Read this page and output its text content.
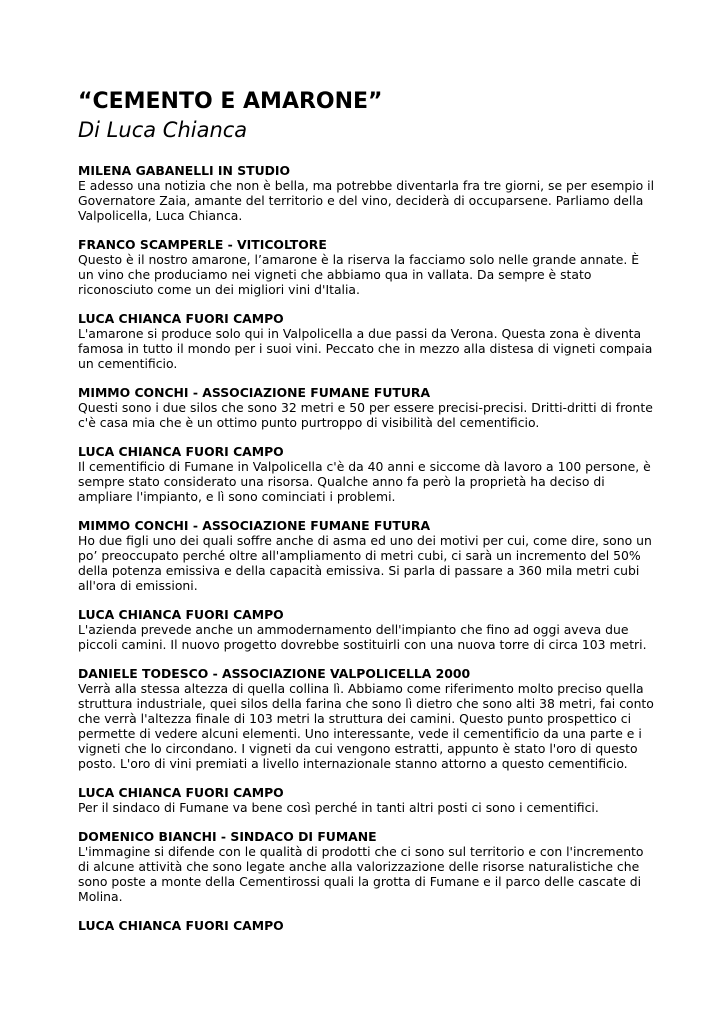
“CEMENTO E AMARONE”
Di Luca Chianca
MILENA GABANELLI IN STUDIO
E adesso una notizia che non è bella, ma potrebbe diventarla fra tre giorni, se per esempio il Governatore Zaia, amante del territorio e del vino, deciderà di occuparsene. Parliamo della Valpolicella, Luca Chianca.
FRANCO SCAMPERLE - VITICOLTORE
Questo è il nostro amarone, l’amarone è la riserva la facciamo solo nelle grande annate. È un vino che produciamo nei vigneti che abbiamo qua in vallata. Da sempre è stato riconosciuto come un dei migliori vini d'Italia.
LUCA CHIANCA FUORI CAMPO
L'amarone si produce solo qui in Valpolicella a due passi da Verona. Questa zona è diventa famosa in tutto il mondo per i suoi vini. Peccato che in mezzo alla distesa di vigneti compaia un cementificio.
MIMMO CONCHI - ASSOCIAZIONE FUMANE FUTURA
Questi sono i due silos che sono 32 metri e 50 per essere precisi-precisi. Dritti-dritti di fronte c'è casa mia che è un ottimo punto purtroppo di visibilità del cementificio.
LUCA CHIANCA FUORI CAMPO
Il cementificio di Fumane in Valpolicella c'è da 40 anni e siccome dà lavoro a 100 persone, è sempre stato considerato una risorsa. Qualche anno fa però la proprietà ha deciso di ampliare l'impianto, e lì sono cominciati i problemi.
MIMMO CONCHI - ASSOCIAZIONE FUMANE FUTURA
Ho due figli uno dei quali soffre anche di asma ed uno dei motivi per cui, come dire, sono un po’ preoccupato perché oltre all'ampliamento di metri cubi, ci sarà un incremento del 50% della potenza emissiva e della capacità emissiva. Si parla di passare a 360 mila metri cubi all'ora di emissioni.
LUCA CHIANCA FUORI CAMPO
L'azienda prevede anche un ammodernamento dell'impianto che fino ad oggi aveva due piccoli camini. Il nuovo progetto dovrebbe sostituirli con una nuova torre di circa 103 metri.
DANIELE TODESCO - ASSOCIAZIONE VALPOLICELLA 2000
Verrà alla stessa altezza di quella collina lì. Abbiamo come riferimento molto preciso quella struttura industriale, quei silos della farina che sono lì dietro che sono alti 38 metri, fai conto che verrà l'altezza finale di 103 metri la struttura dei camini. Questo punto prospettico ci permette di vedere alcuni elementi. Uno interessante, vede il cementificio da una parte e i vigneti che lo circondano. I vigneti da cui vengono estratti, appunto è stato l'oro di questo posto. L'oro di vini premiati a livello internazionale stanno attorno a questo cementificio.
LUCA CHIANCA FUORI CAMPO
Per il sindaco di Fumane va bene così perché in tanti altri posti ci sono i cementifici.
DOMENICO BIANCHI - SINDACO DI FUMANE
L'immagine si difende con le qualità di prodotti che ci sono sul territorio e con l'incremento di alcune attività che sono legate anche alla valorizzazione delle risorse naturalistiche che sono poste a monte della Cementirossi quali la grotta di Fumane e il parco delle cascate di Molina.
LUCA CHIANCA FUORI CAMPO
